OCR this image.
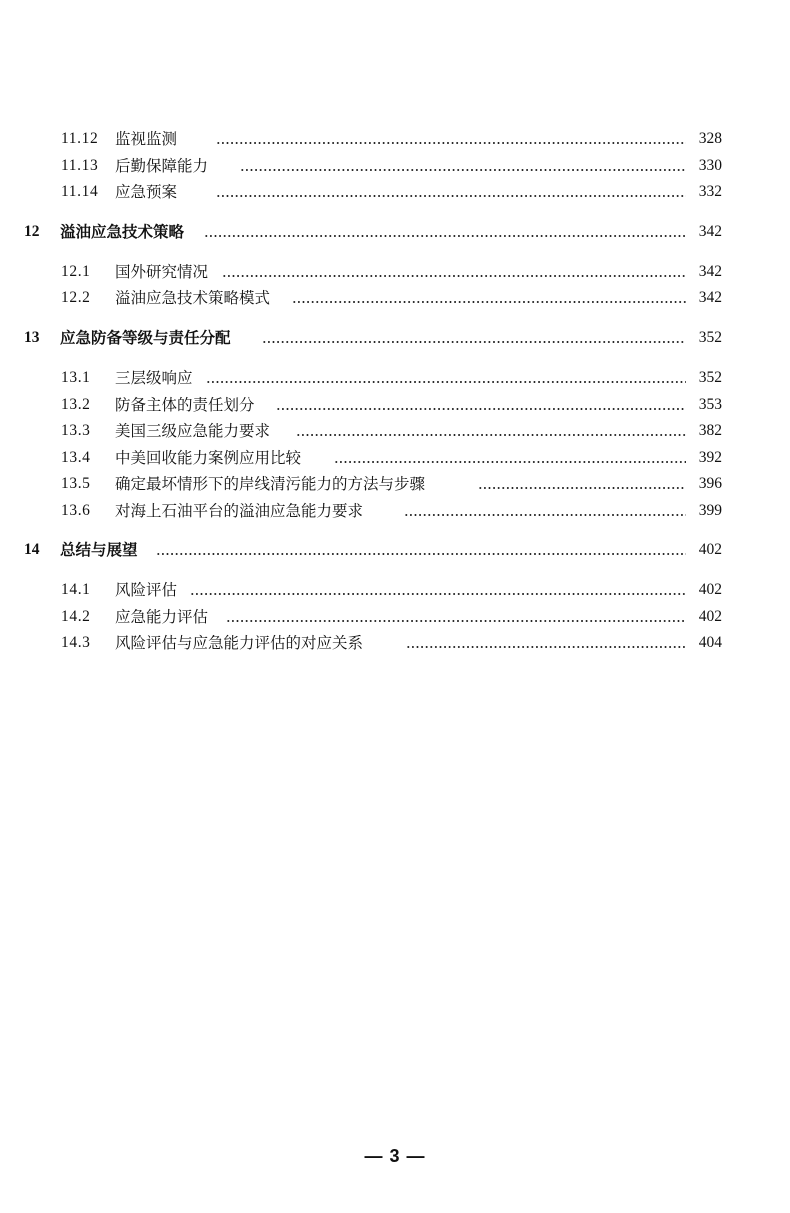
11.12 监视监测	328
11.13 后勤保障能力	330
11.14 应急预案	332
12 溢油应急技术策略	342
12.1 国外研究情况	342
12.2 溢油应急技术策略模式	342
13 应急防备等级与责任分配	352
13.1 三层级响应	352
13.2 防备主体的责任划分	353
13.3 美国三级应急能力要求	382
13.4 中美回收能力案例应用比较	392
13.5 确定最坏情形下的岸线清污能力的方法与步骤	396
13.6 对海上石油平台的溢油应急能力要求	399
14 总结与展望	402
14.1 风险评估	402
14.2 应急能力评估	402
14.3 风险评估与应急能力评估的对应关系	404
— 3 —
